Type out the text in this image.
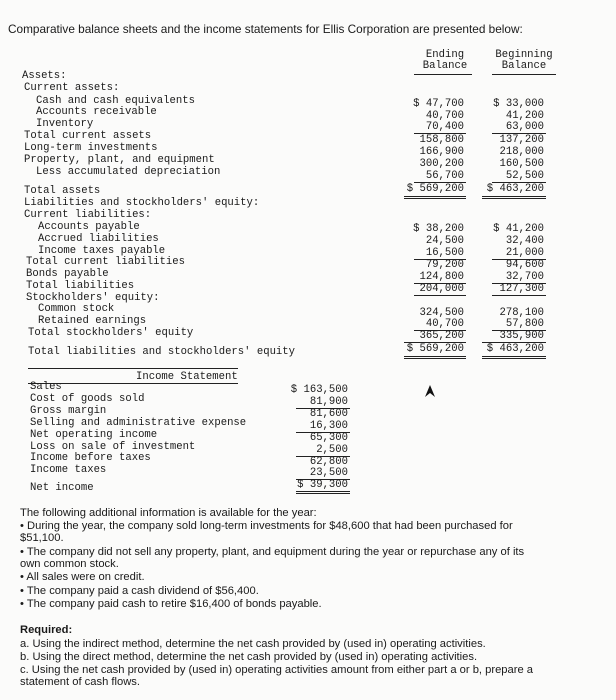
Comparative balance sheets and the income statements for Ellis Corporation are presented below:
Ending
Balance
Beginning
Balance
Assets:
Current assets:
Cash and cash equivalents	$ 47,700	$ 33,000
Accounts receivable	40,700	41,200
Inventory	70,400	63,000
Total current assets	158,800	137,200
Long-term investments	166,900	218,000
Property, plant, and equipment	300,200	160,500
Less accumulated depreciation	56,700	52,500
Total assets	$ 569,200	$ 463,200
Liabilities and stockholders' equity:
Current liabilities:
Accounts payable	$ 38,200	$ 41,200
Accrued liabilities	24,500	32,400
Income taxes payable	16,500	21,000
Total current liabilities	79,200	94,600
Bonds payable	124,800	32,700
Total liabilities	204,000	127,300
Stockholders' equity:
Common stock	324,500	278,100
Retained earnings	40,700	57,800
Total stockholders' equity	365,200	335,900
Total liabilities and stockholders' equity	$ 569,200	$ 463,200
Income Statement
Sales	$ 163,500
Cost of goods sold	81,900
Gross margin	81,600
Selling and administrative expense	16,300
Net operating income	65,300
Loss on sale of investment	2,500
Income before taxes	62,800
Income taxes	23,500
Net income	$ 39,300
The following additional information is available for the year:
• During the year, the company sold long-term investments for $48,600 that had been purchased for
$51,100.
• The company did not sell any property, plant, and equipment during the year or repurchase any of its
own common stock.
• All sales were on credit.
• The company paid a cash dividend of $56,400.
• The company paid cash to retire $16,400 of bonds payable.
Required:
a. Using the indirect method, determine the net cash provided by (used in) operating activities.
b. Using the direct method, determine the net cash provided by (used in) operating activities.
c. Using the net cash provided by (used in) operating activities amount from either part a or b, prepare a
statement of cash flows.
